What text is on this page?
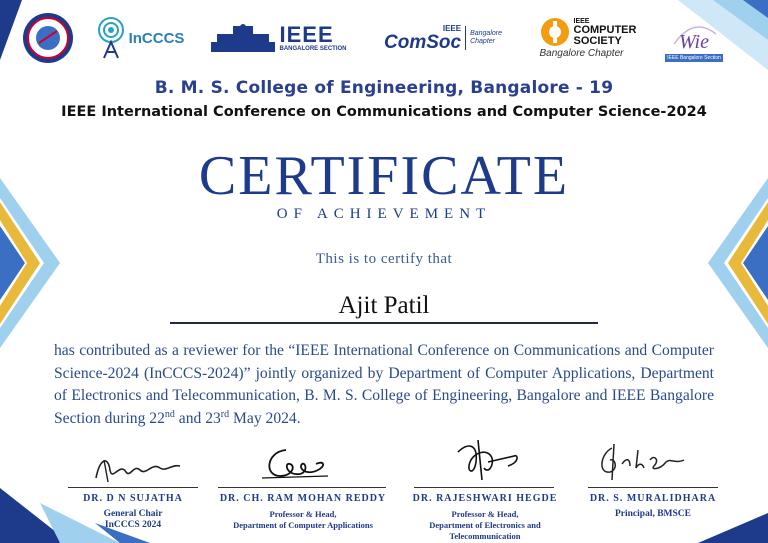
InCCCS	IEEE
BANGALORE SECTION
IEEE
ComSoc Bangalore
Chapter
IEEE
COMPUTER
SOCIETY
Bangalore Chapter
Wie
IEEE Bangalore Section
B. M. S. College of Engineering, Bangalore - 19
IEEE International Conference on Communications and Computer Science-2024
CERTIFICATE
OF ACHIEVEMENT
This is to certify that
Ajit Patil
has contributed as a reviewer for the “IEEE International Conference on Communications and Computer Science-2024 (InCCCS-2024)” jointly organized by Department of Computer Applications, Department of Electronics and Telecommunication, B. M. S. College of Engineering, Bangalore and IEEE Bangalore Section during 22nd and 23rd May 2024.
DR. D N SUJATHA
General Chair
InCCCS 2024
DR. CH. RAM MOHAN REDDY
Professor & Head,
Department of Computer Applications
DR. RAJESHWARI HEGDE
Professor & Head,
Department of Electronics and
Telecommunication
DR. S. MURALIDHARA
Principal, BMSCE
